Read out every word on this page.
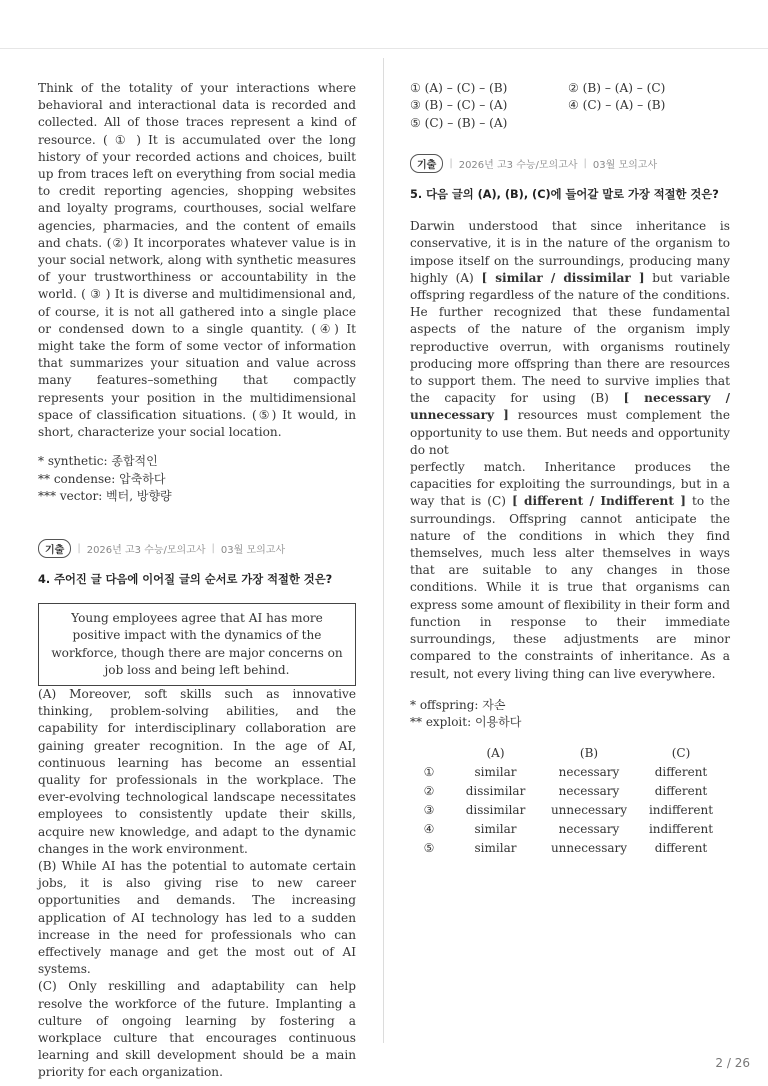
Think of the totality of your interactions where behavioral and interactional data is recorded and collected. All of those traces represent a kind of resource. ( ① ) It is accumulated over the long history of your recorded actions and choices, built up from traces left on everything from social media to credit reporting agencies, shopping websites and loyalty programs, courthouses, social welfare agencies, pharmacies, and the content of emails and chats. (②) It incorporates whatever value is in your social network, along with synthetic measures of your trustworthiness or accountability in the world. ( ③ ) It is diverse and multidimensional and, of course, it is not all gathered into a single place or condensed down to a single quantity. (④) It might take the form of some vector of information that summarizes your situation and value across many features–something that compactly represents your position in the multidimensional space of classification situations. (⑤) It would, in short, characterize your social location.

* synthetic: 종합적인
** condense: 압축하다
*** vector: 벡터, 방향량
기출	| 2026년 고3 수능/모의고사 | 03월 모의고사
4. 주어진 글 다음에 이어질 글의 순서로 가장 적절한 것은?
Young employees agree that AI has more positive impact with the dynamics of the workforce, though there are major concerns on job loss and being left behind.

(A) Moreover, soft skills such as innovative thinking, problem-solving abilities, and the capability for interdisciplinary collaboration are gaining greater recognition. In the age of AI, continuous learning has become an essential quality for professionals in the workplace. The ever-evolving technological landscape necessitates employees to consistently update their skills, acquire new knowledge, and adapt to the dynamic changes in the work environment.

(B) While AI has the potential to automate certain jobs, it is also giving rise to new career opportunities and demands. The increasing application of AI technology has led to a sudden increase in the need for professionals who can effectively manage and get the most out of AI systems.

(C) Only reskilling and adaptability can help resolve the workforce of the future. Implanting a culture of ongoing learning by fostering a workplace culture that encourages continuous learning and skill development should be a main priority for each organization.

① (A) – (C) – (B)	② (B) – (A) – (C)
③ (B) – (C) – (A)	④ (C) – (A) – (B)
⑤ (C) – (B) – (A)
기출	| 2026년 고3 수능/모의고사 | 03월 모의고사
5. 다음 글의 (A), (B), (C)에 들어갈 말로 가장 적절한 것은?

Darwin understood that since inheritance is conservative, it is in the nature of the organism to impose itself on the surroundings, producing many highly (A) [ similar / dissimilar ] but variable offspring regardless of the nature of the conditions. He further recognized that these fundamental aspects of the nature of the organism imply reproductive overrun, with organisms routinely producing more offspring than there are resources to support them. The need to survive implies that the capacity for using (B) [ necessary / unnecessary ] resources must complement the opportunity to use them. But needs and opportunity do not

perfectly match. Inheritance produces the capacities for exploiting the surroundings, but in a way that is (C) [ different / Indifferent ] to the surroundings. Offspring cannot anticipate the nature of the conditions in which they find themselves, much less alter themselves in ways that are suitable to any changes in those conditions. While it is true that organisms can express some amount of flexibility in their form and function in response to their immediate surroundings, these adjustments are minor compared to the constraints of inheritance. As a result, not every living thing can live everywhere.

* offspring: 자손
** exploit: 이용하다
	(A)	(B)	(C)
①	similar	necessary	different
②	dissimilar	necessary	different
③	dissimilar	unnecessary	indifferent
④	similar	necessary	indifferent
⑤	similar	unnecessary	different
2 / 26
